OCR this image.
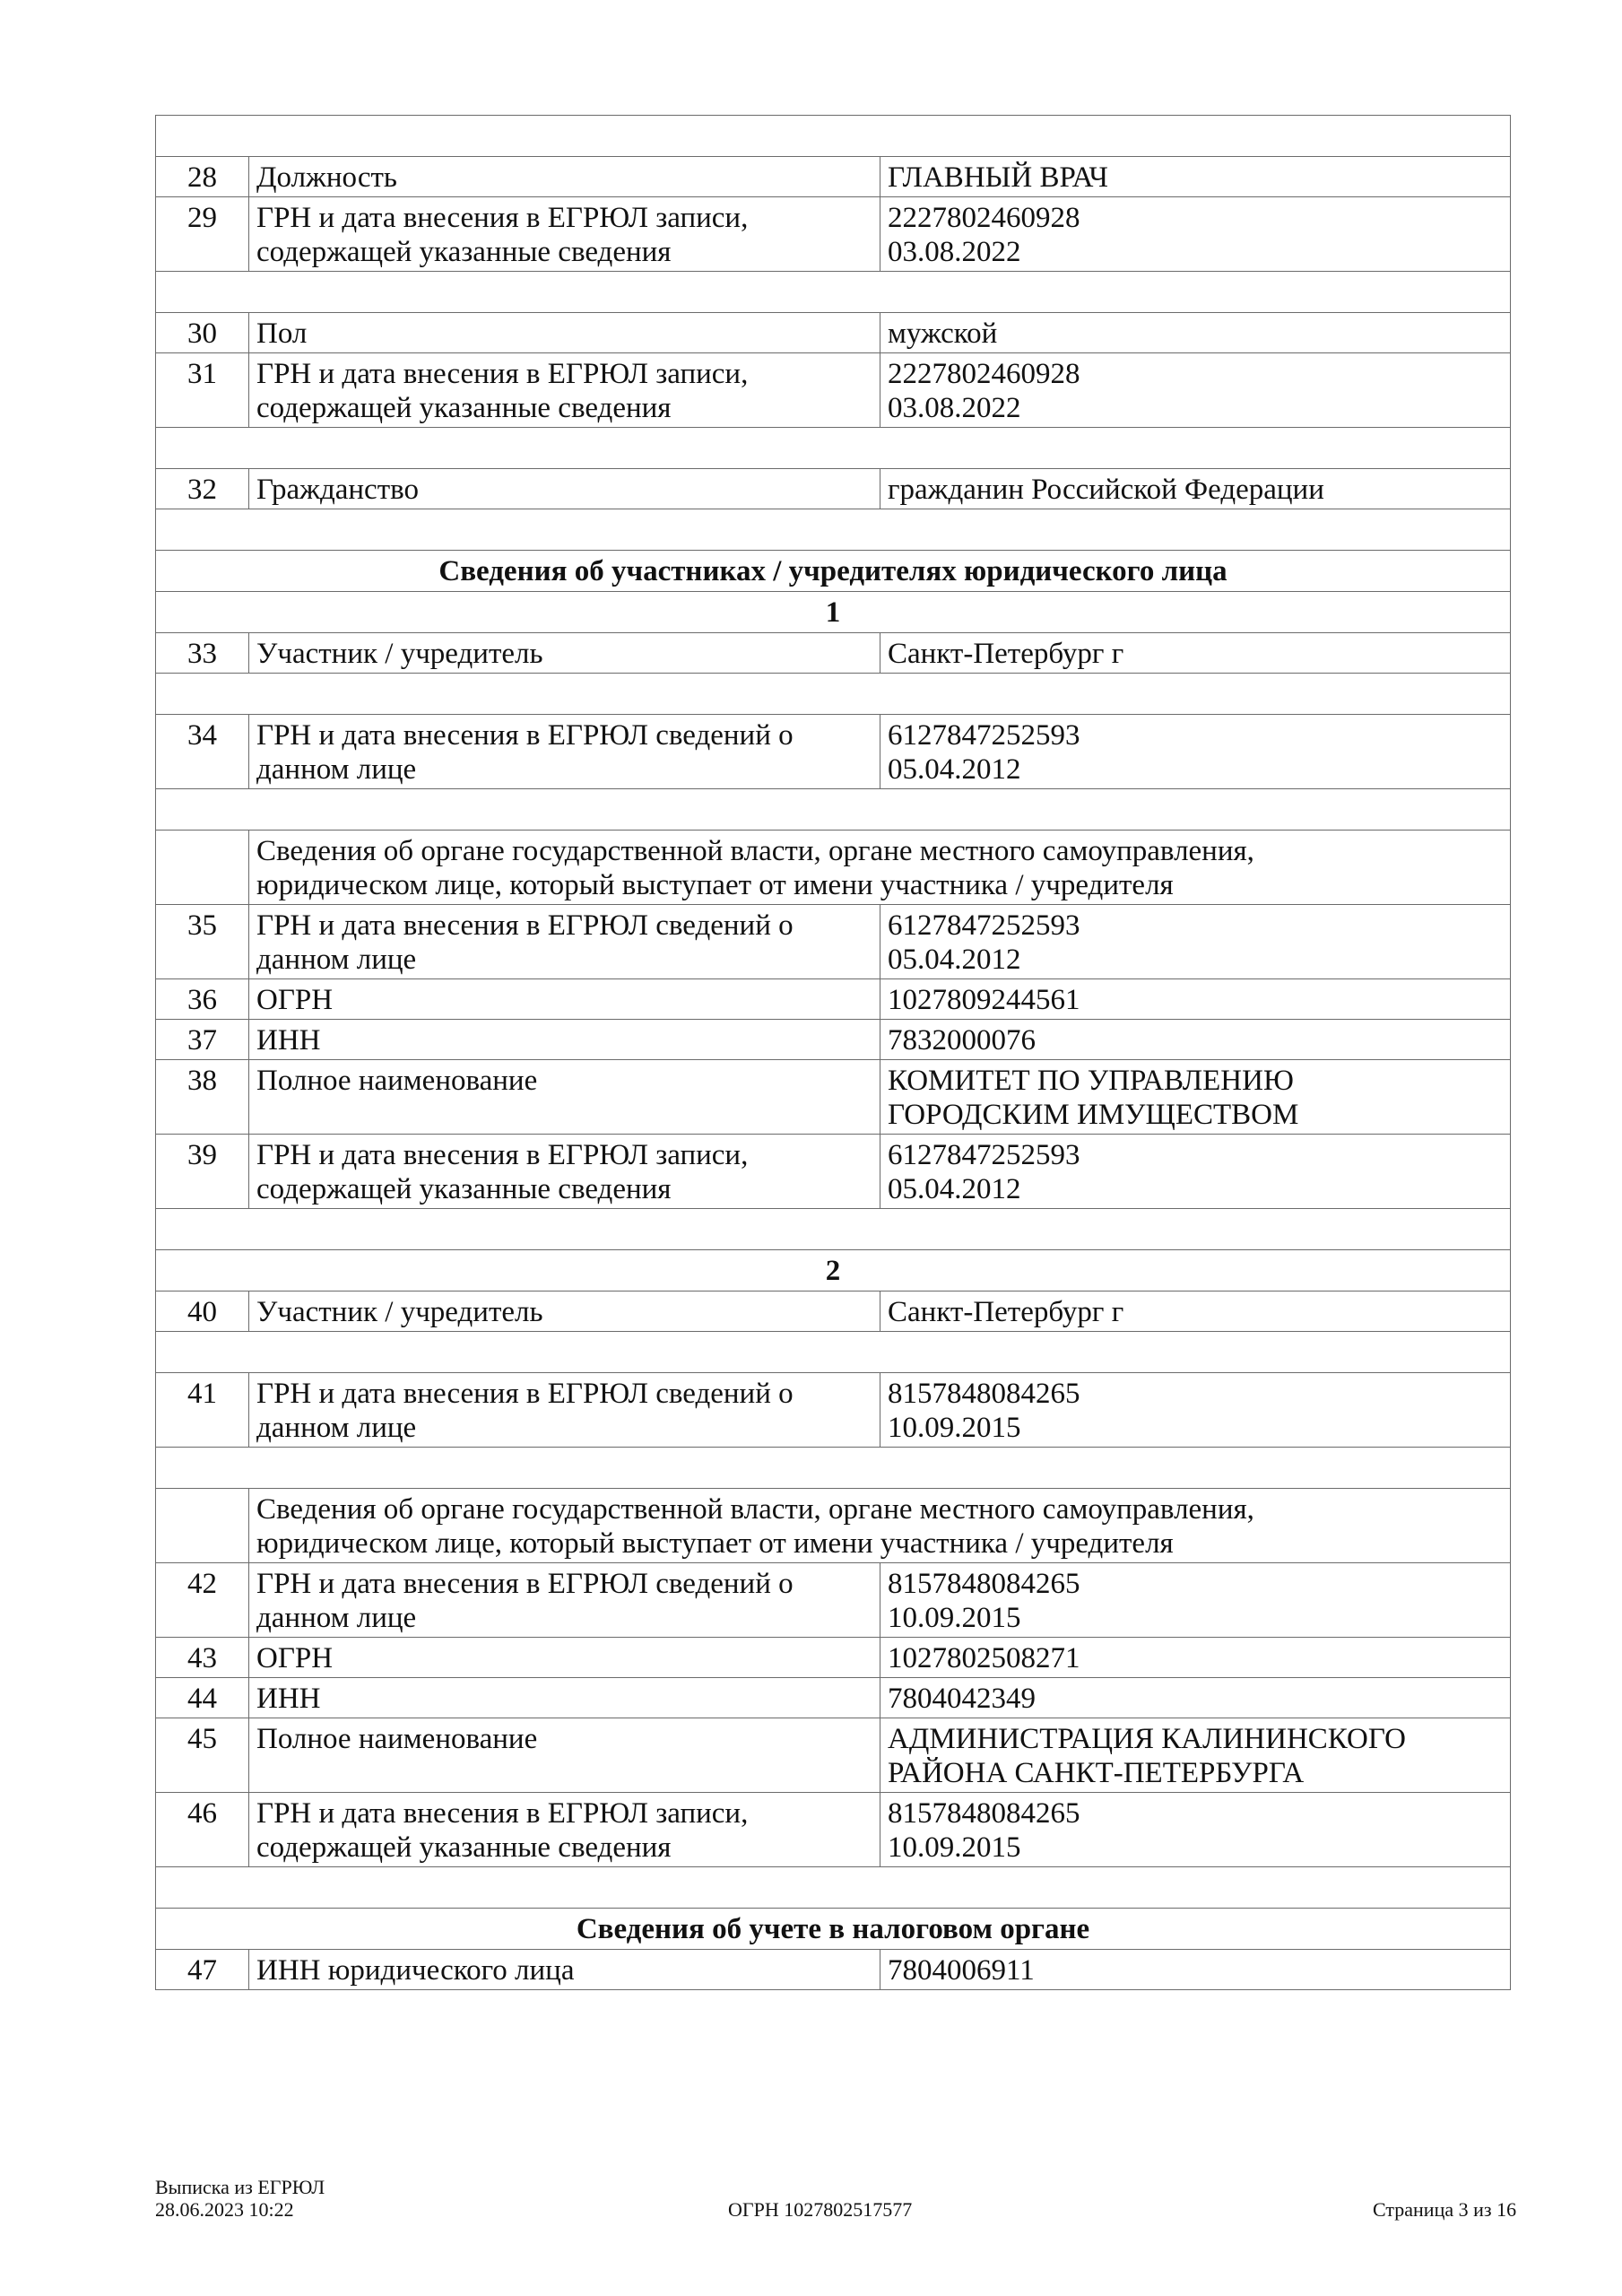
28	Должность	ГЛАВНЫЙ ВРАЧ
29	ГРН и дата внесения в ЕГРЮЛ записи,
содержащей указанные сведения	2227802460928
03.08.2022

30	Пол	мужской
31	ГРН и дата внесения в ЕГРЮЛ записи,
содержащей указанные сведения	2227802460928
03.08.2022

32	Гражданство	гражданин Российской Федерации

Сведения об участниках / учредителях юридического лица		
1		
33	Участник / учредитель	Санкт-Петербург г

34	ГРН и дата внесения в ЕГРЮЛ сведений о
данном лице	6127847252593
05.04.2012

	Сведения об органе государственной власти, органе местного самоуправления,
юридическом лице, который выступает от имени участника / учредителя	
35	ГРН и дата внесения в ЕГРЮЛ сведений о
данном лице	6127847252593
05.04.2012
36	ОГРН	1027809244561
37	ИНН	7832000076
38	Полное наименование	КОМИТЕТ ПО УПРАВЛЕНИЮ
ГОРОДСКИМ ИМУЩЕСТВОМ
39	ГРН и дата внесения в ЕГРЮЛ записи,
содержащей указанные сведения	6127847252593
05.04.2012

2		
40	Участник / учредитель	Санкт-Петербург г

41	ГРН и дата внесения в ЕГРЮЛ сведений о
данном лице	8157848084265
10.09.2015

	Сведения об органе государственной власти, органе местного самоуправления,
юридическом лице, который выступает от имени участника / учредителя	
42	ГРН и дата внесения в ЕГРЮЛ сведений о
данном лице	8157848084265
10.09.2015
43	ОГРН	1027802508271
44	ИНН	7804042349
45	Полное наименование	АДМИНИСТРАЦИЯ КАЛИНИНСКОГО
РАЙОНА САНКТ-ПЕТЕРБУРГА
46	ГРН и дата внесения в ЕГРЮЛ записи,
содержащей указанные сведения	8157848084265
10.09.2015

Сведения об учете в налоговом органе		
47	ИНН юридического лица	7804006911
Выписка из ЕГРЮЛ
28.06.2023 10:22	ОГРН 1027802517577	Страница 3 из 16
